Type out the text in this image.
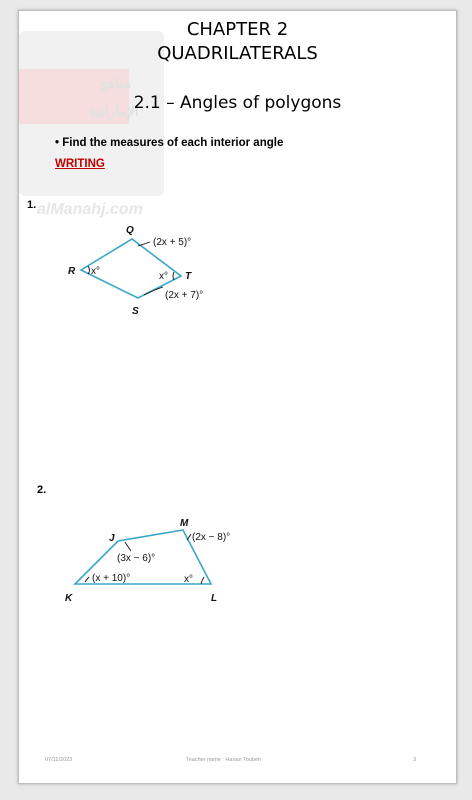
مناهج
الإماراتية
alManahj.com
CHAPTER 2
QUADRILATERALS
2.1 – Angles of polygons
• Find the measures of each interior angle
WRITING
1.
Q
R	T
S
(2x + 5)°
x°	x°
(2x + 7)°
2.
J
M
K	L
(3x − 6)°
(2x − 8)°
(x + 10)°	x°
07/11/2023	Teacher name : Hanan Toubeh	3
